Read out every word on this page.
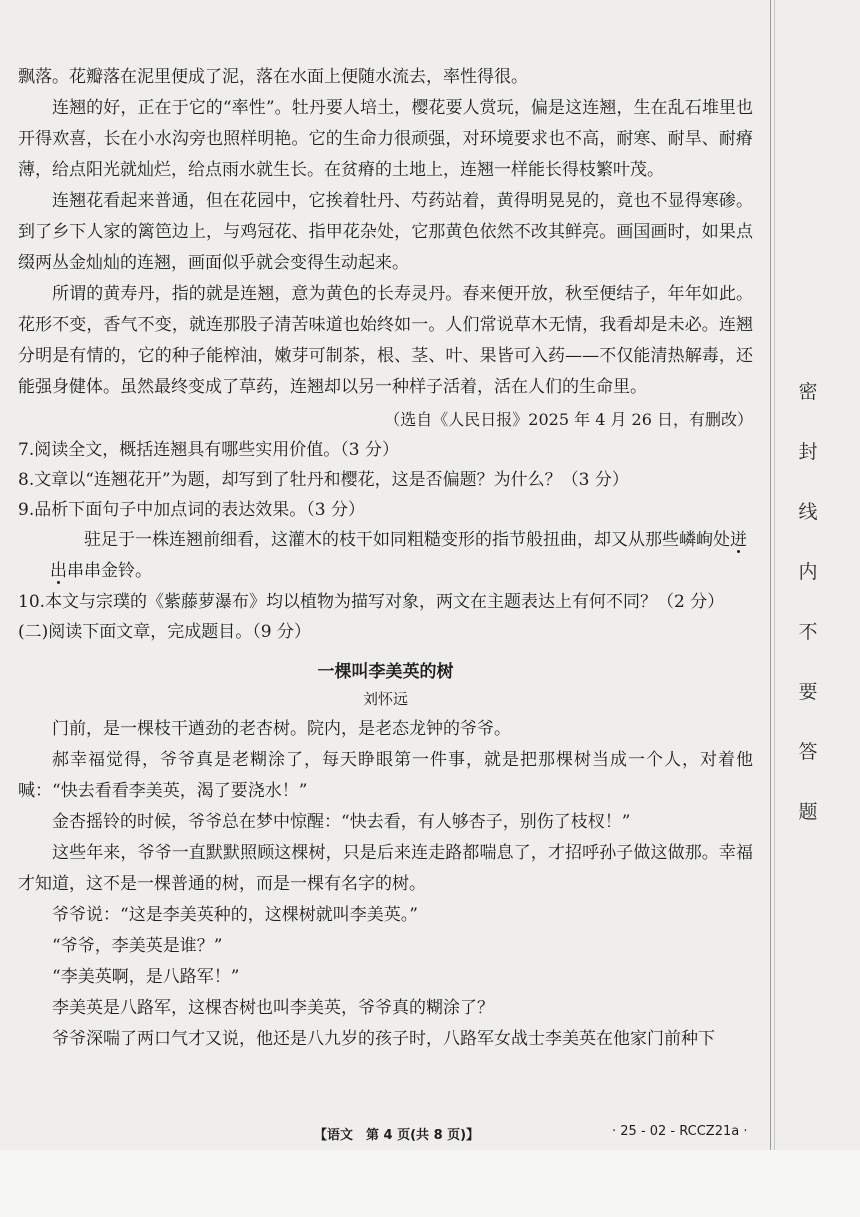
密
封
线
内
不
要
答
题

飘落。花瓣落在泥里便成了泥，落在水面上便随水流去，率性得很。

连翘的好，正在于它的“率性”。牡丹要人培土，樱花要人赏玩，偏是这连翘，生在乱石堆里也开得欢喜，长在小水沟旁也照样明艳。它的生命力很顽强，对环境要求也不高，耐寒、耐旱、耐瘠薄，给点阳光就灿烂，给点雨水就生长。在贫瘠的土地上，连翘一样能长得枝繁叶茂。

连翘花看起来普通，但在花园中，它挨着牡丹、芍药站着，黄得明晃晃的，竟也不显得寒碜。到了乡下人家的篱笆边上，与鸡冠花、指甲花杂处，它那黄色依然不改其鲜亮。画国画时，如果点缀两丛金灿灿的连翘，画面似乎就会变得生动起来。

所谓的黄寿丹，指的就是连翘，意为黄色的长寿灵丹。春来便开放，秋至便结子，年年如此。花形不变，香气不变，就连那股子清苦味道也始终如一。人们常说草木无情，我看却是未必。连翘分明是有情的，它的种子能榨油，嫩芽可制茶，根、茎、叶、果皆可入药——不仅能清热解毒，还能强身健体。虽然最终变成了草药，连翘却以另一种样子活着，活在人们的生命里。

（选自《人民日报》2025 年 4 月 26 日，有删改）

7.阅读全文，概括连翘具有哪些实用价值。（3 分）

8.文章以“连翘花开”为题，却写到了牡丹和樱花，这是否偏题？为什么？（3 分）

9.品析下面句子中加点词的表达效果。（3 分）

驻足于一株连翘前细看，这灌木的枝干如同粗糙变形的指节般扭曲，却又从那些嶙峋处迸出串串金铃。

10.本文与宗璞的《紫藤萝瀑布》均以植物为描写对象，两文在主题表达上有何不同？（2 分）

(二)阅读下面文章，完成题目。（9 分）

一棵叫李美英的树

刘怀远

门前，是一棵枝干遒劲的老杏树。院内，是老态龙钟的爷爷。

郝幸福觉得，爷爷真是老糊涂了，每天睁眼第一件事，就是把那棵树当成一个人，对着他喊：“快去看看李美英，渴了要浇水！”

金杏摇铃的时候，爷爷总在梦中惊醒：“快去看，有人够杏子，别伤了枝杈！”

这些年来，爷爷一直默默照顾这棵树，只是后来连走路都喘息了，才招呼孙子做这做那。幸福才知道，这不是一棵普通的树，而是一棵有名字的树。

爷爷说：“这是李美英种的，这棵树就叫李美英。”

“爷爷，李美英是谁？”

“李美英啊，是八路军！”

李美英是八路军，这棵杏树也叫李美英，爷爷真的糊涂了？

爷爷深喘了两口气才又说，他还是八九岁的孩子时，八路军女战士李美英在他家门前种下

【语文　第 4 页(共 8 页)】	· 25 - 02 - RCCZ21a ·
